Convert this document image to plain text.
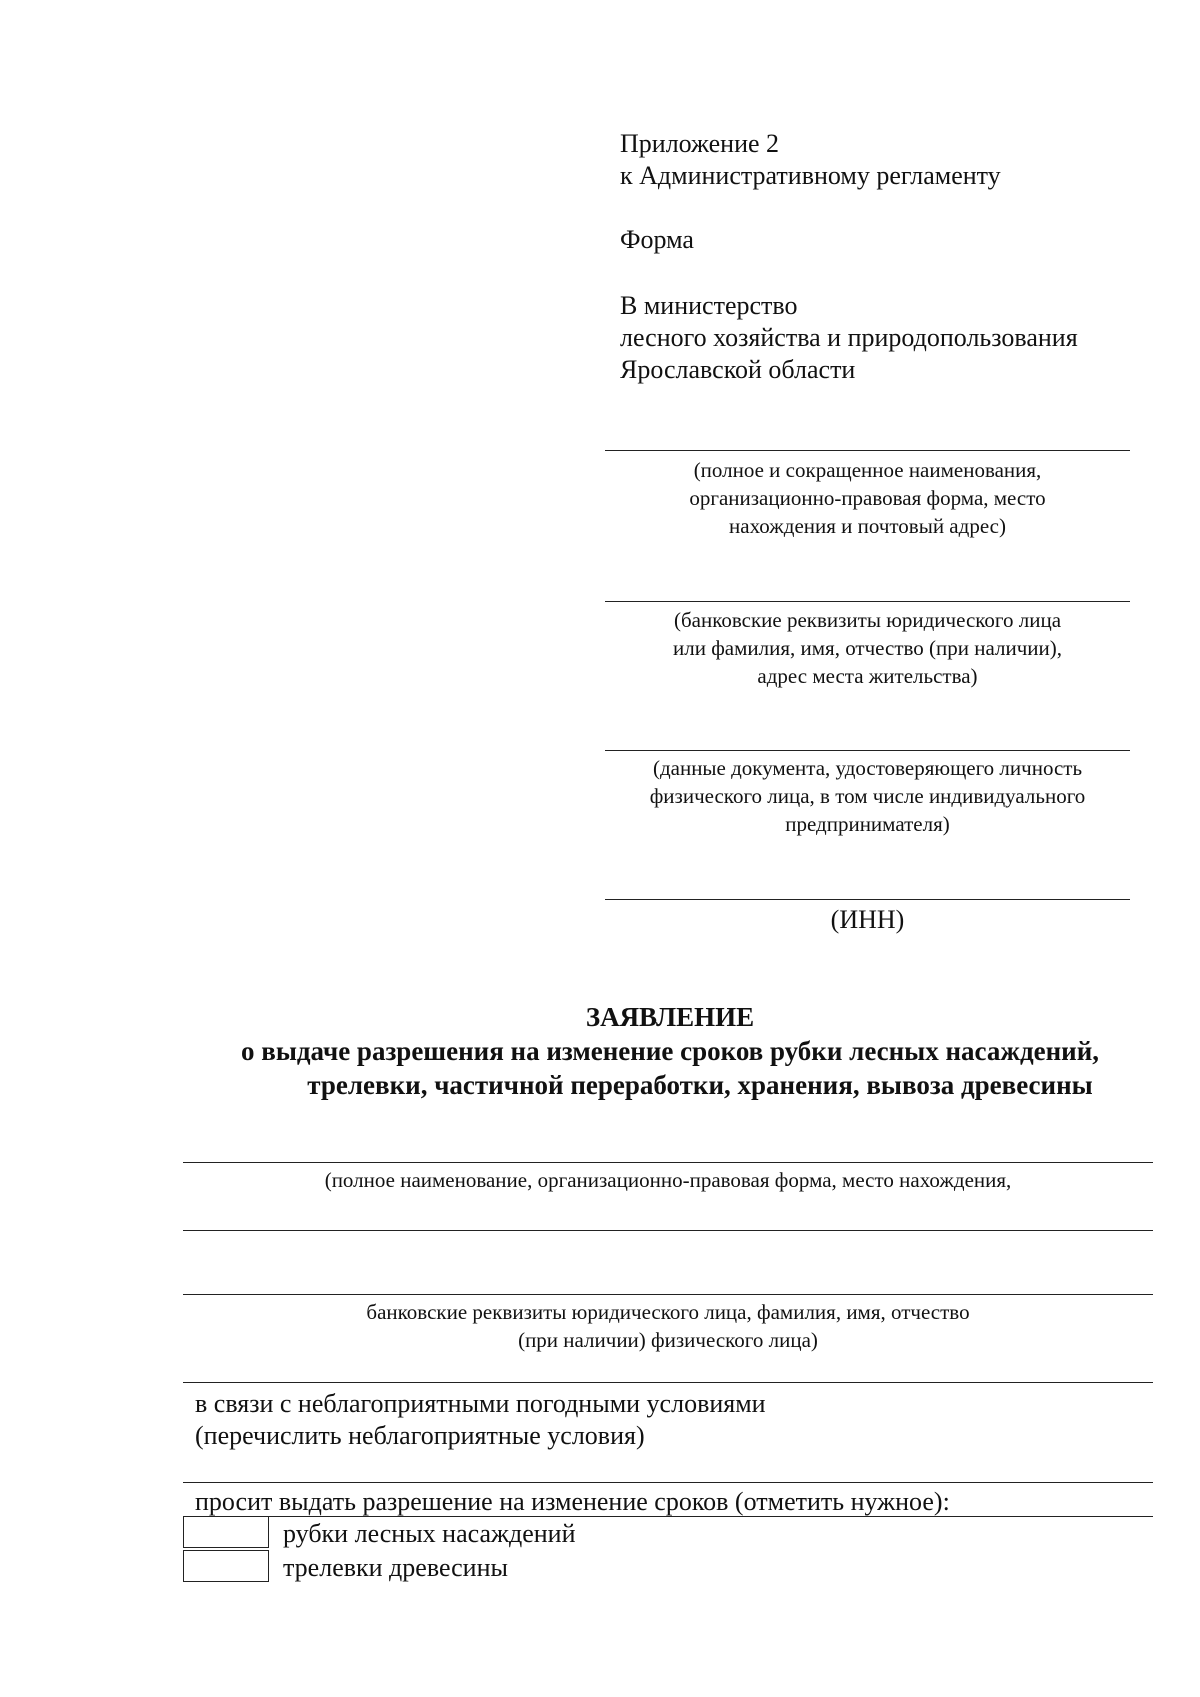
Приложение 2
к Административному регламенту
Форма
В министерство
лесного хозяйства и природопользования
Ярославской области
(полное и сокращенное наименования,
организационно-правовая форма, место
нахождения и почтовый адрес)
(банковские реквизиты юридического лица
или фамилия, имя, отчество (при наличии),
адрес места жительства)
(данные документа, удостоверяющего личность
физического лица, в том числе индивидуального
предпринимателя)
(ИНН)
ЗАЯВЛЕНИЕ
о выдаче разрешения на изменение сроков рубки лесных насаждений,
трелевки, частичной переработки, хранения, вывоза древесины
(полное наименование, организационно-правовая форма, место нахождения,
банковские реквизиты юридического лица, фамилия, имя, отчество
(при наличии) физического лица)
в связи с неблагоприятными погодными условиями
(перечислить неблагоприятные условия)
просит выдать разрешение на изменение сроков (отметить нужное):
рубки лесных насаждений
трелевки древесины
